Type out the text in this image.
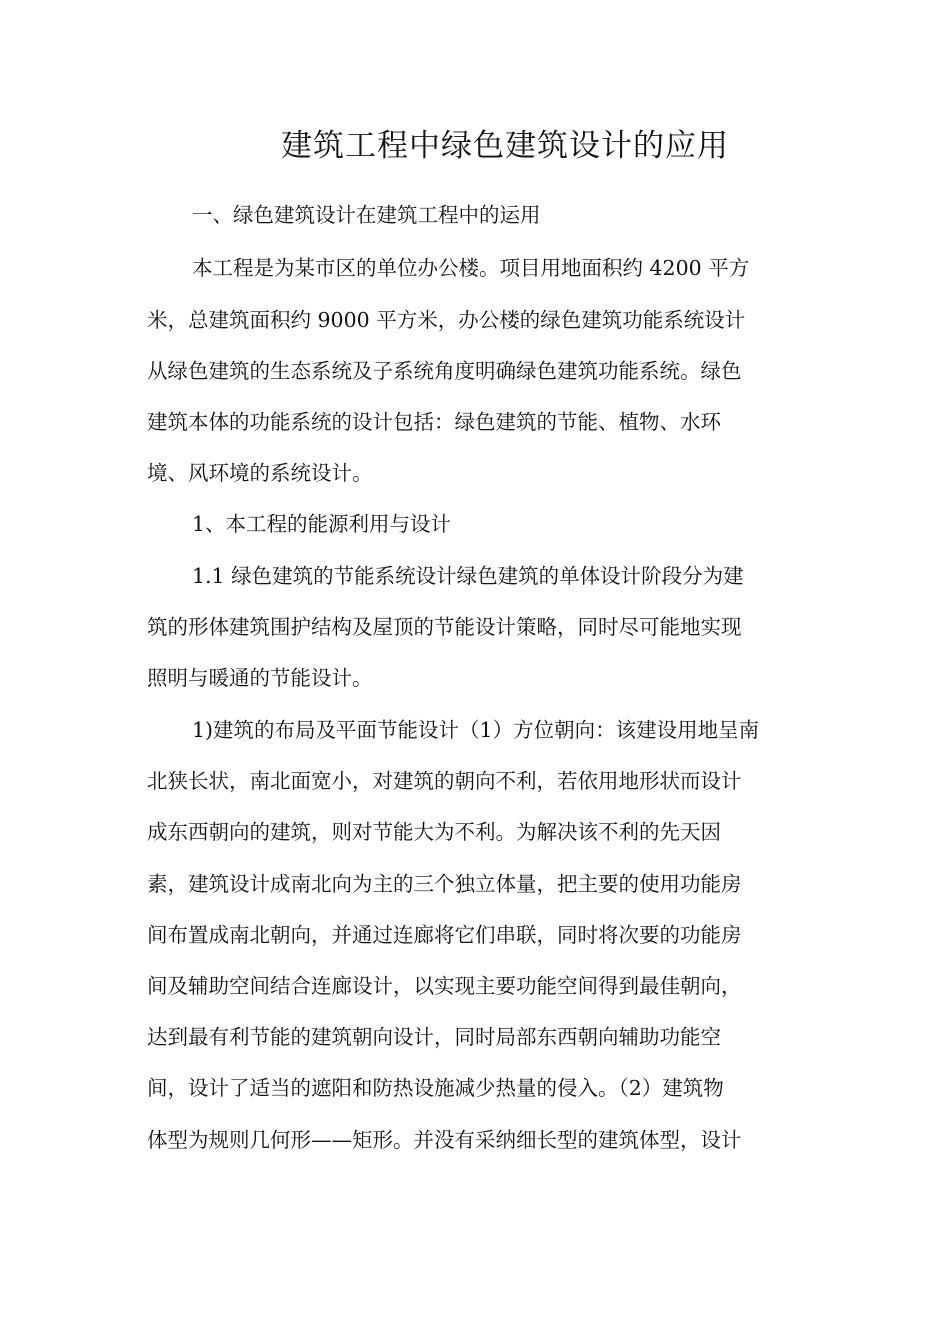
建筑工程中绿色建筑设计的应用
一、绿色建筑设计在建筑工程中的运用
本工程是为某市区的单位办公楼。项目用地面积约 4200 平方
米，总建筑面积约 9000 平方米，办公楼的绿色建筑功能系统设计
从绿色建筑的生态系统及子系统角度明确绿色建筑功能系统。绿色
建筑本体的功能系统的设计包括：绿色建筑的节能、植物、水环
境、风环境的系统设计。
1、本工程的能源利用与设计
1.1 绿色建筑的节能系统设计绿色建筑的单体设计阶段分为建
筑的形体建筑围护结构及屋顶的节能设计策略，同时尽可能地实现
照明与暖通的节能设计。
1)建筑的布局及平面节能设计（1）方位朝向：该建设用地呈南
北狭长状，南北面宽小，对建筑的朝向不利，若依用地形状而设计
成东西朝向的建筑，则对节能大为不利。为解决该不利的先天因
素，建筑设计成南北向为主的三个独立体量，把主要的使用功能房
间布置成南北朝向，并通过连廊将它们串联，同时将次要的功能房
间及辅助空间结合连廊设计，以实现主要功能空间得到最佳朝向，
达到最有利节能的建筑朝向设计，同时局部东西朝向辅助功能空
间，设计了适当的遮阳和防热设施减少热量的侵入。（2）建筑物
体型为规则几何形——矩形。并没有采纳细长型的建筑体型，设计
